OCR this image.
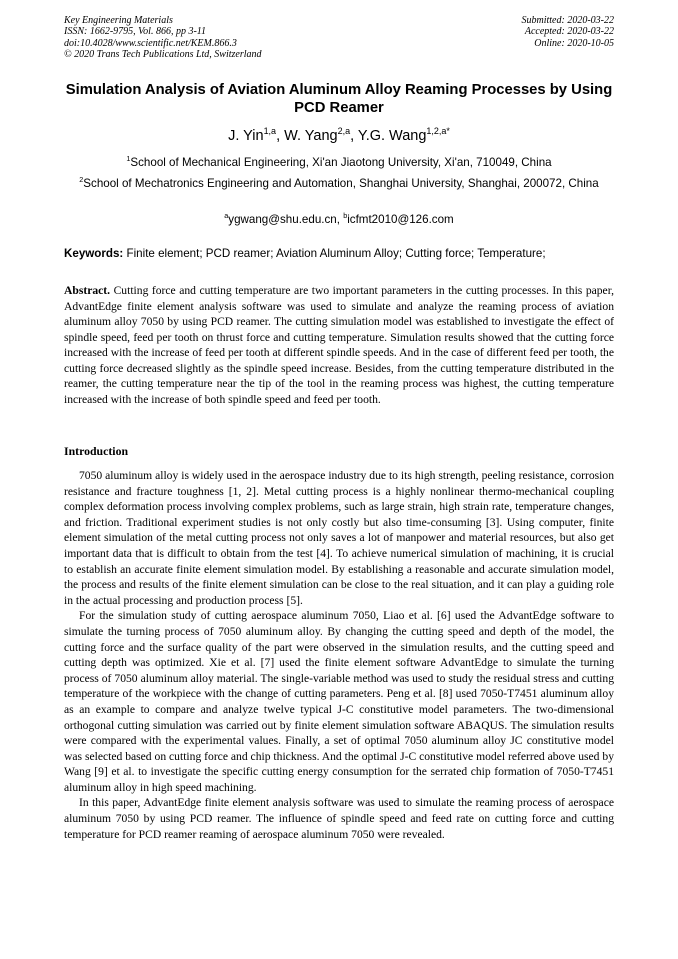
Key Engineering Materials
ISSN: 1662-9795, Vol. 866, pp 3-11
doi:10.4028/www.scientific.net/KEM.866.3
© 2020 Trans Tech Publications Ltd, Switzerland
Submitted: 2020-03-22
Accepted: 2020-03-22
Online: 2020-10-05
Simulation Analysis of Aviation Aluminum Alloy Reaming Processes by Using PCD Reamer
J. Yin$^{1,a}$, W. Yang$^{2,a}$, Y.G. Wang$^{1,2,a*}$
$^1$School of Mechanical Engineering, Xi'an Jiaotong University, Xi'an, 710049, China
$^2$School of Mechatronics Engineering and Automation, Shanghai University, Shanghai, 200072, China
$^a$ygwang@shu.edu.cn, $^b$icfmt2010@126.com
Keywords: Finite element; PCD reamer; Aviation Aluminum Alloy; Cutting force; Temperature;
Abstract. Cutting force and cutting temperature are two important parameters in the cutting processes. In this paper, AdvantEdge finite element analysis software was used to simulate and analyze the reaming process of aviation aluminum alloy 7050 by using PCD reamer. The cutting simulation model was established to investigate the effect of spindle speed, feed per tooth on thrust force and cutting temperature. Simulation results showed that the cutting force increased with the increase of feed per tooth at different spindle speeds. And in the case of different feed per tooth, the cutting force decreased slightly as the spindle speed increase. Besides, from the cutting temperature distributed in the reamer, the cutting temperature near the tip of the tool in the reaming process was highest, the cutting temperature increased with the increase of both spindle speed and feed per tooth.
Introduction

7050 aluminum alloy is widely used in the aerospace industry due to its high strength, peeling resistance, corrosion resistance and fracture toughness [1, 2]. Metal cutting process is a highly nonlinear thermo-mechanical coupling complex deformation process involving complex problems, such as large strain, high strain rate, temperature changes, and friction. Traditional experiment studies is not only costly but also time-consuming [3]. Using computer, finite element simulation of the metal cutting process not only saves a lot of manpower and material resources, but also get important data that is difficult to obtain from the test [4]. To achieve numerical simulation of machining, it is crucial to establish an accurate finite element simulation model. By establishing a reasonable and accurate simulation model, the process and results of the finite element simulation can be close to the real situation, and it can play a guiding role in the actual processing and production process [5].

For the simulation study of cutting aerospace aluminum 7050, Liao et al. [6] used the AdvantEdge software to simulate the turning process of 7050 aluminum alloy. By changing the cutting speed and depth of the model, the cutting force and the surface quality of the part were observed in the simulation results, and the cutting speed and cutting depth was optimized. Xie et al. [7] used the finite element software AdvantEdge to simulate the turning process of 7050 aluminum alloy material. The single-variable method was used to study the residual stress and cutting temperature of the workpiece with the change of cutting parameters. Peng et al. [8] used 7050-T7451 aluminum alloy as an example to compare and analyze twelve typical J-C constitutive model parameters. The two-dimensional orthogonal cutting simulation was carried out by finite element simulation software ABAQUS. The simulation results were compared with the experimental values. Finally, a set of optimal 7050 aluminum alloy JC constitutive model was selected based on cutting force and chip thickness. And the optimal J-C constitutive model referred above used by Wang [9] et al. to investigate the specific cutting energy consumption for the serrated chip formation of 7050-T7451 aluminum alloy in high speed machining.

In this paper, AdvantEdge finite element analysis software was used to simulate the reaming process of aerospace aluminum 7050 by using PCD reamer. The influence of spindle speed and feed rate on cutting force and cutting temperature for PCD reamer reaming of aerospace aluminum 7050 were revealed.
